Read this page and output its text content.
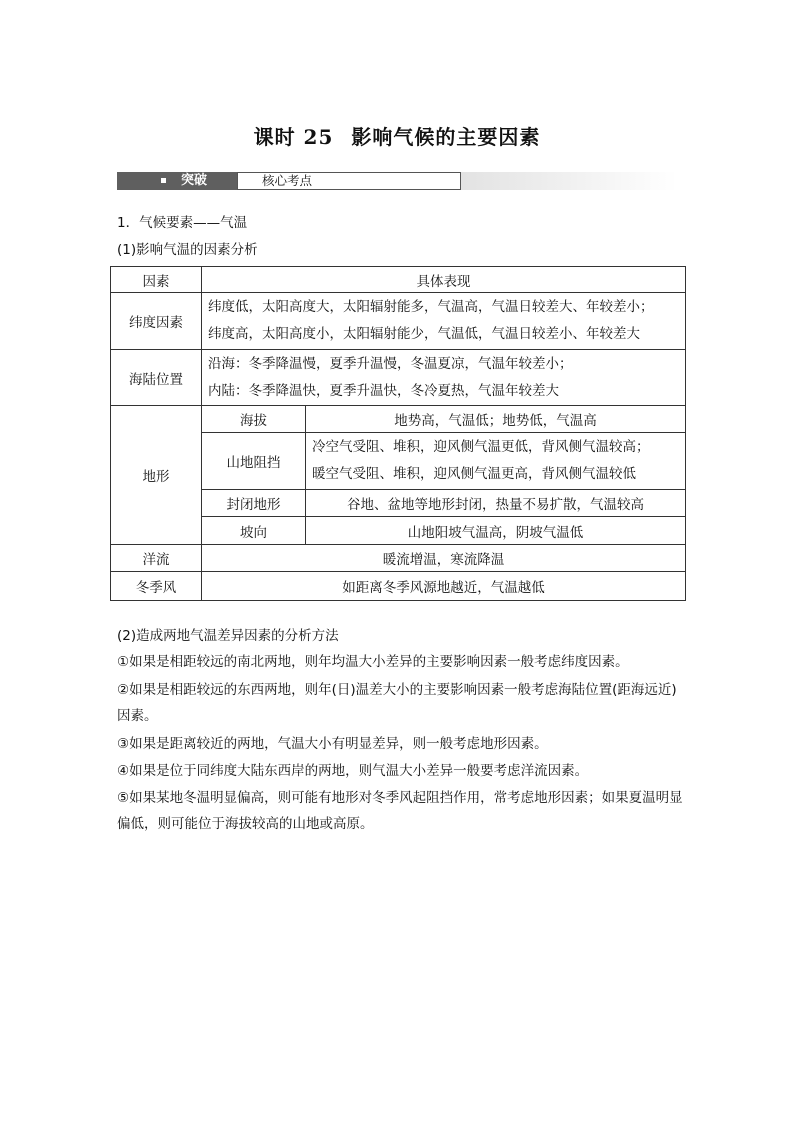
课时 25 影响气候的主要因素
突破	核心考点
1．气候要素——气温
(1)影响气温的因素分析
因素	具体表现	
纬度因素	纬度低，太阳高度大，太阳辐射能多，气温高，气温日较差大、年较差小；
纬度高，太阳高度小，太阳辐射能少，气温低，气温日较差小、年较差大	

海陆位置	沿海：冬季降温慢，夏季升温慢，冬温夏凉，气温年较差小；
内陆：冬季降温快，夏季升温快，冬冷夏热，气温年较差大	

地形	海拔	地势高，气温低；地势低，气温高
	山地阻挡	冷空气受阻、堆积，迎风侧气温更低，背风侧气温较高；
暖空气受阻、堆积，迎风侧气温更高，背风侧气温较低

	封闭地形	谷地、盆地等地形封闭，热量不易扩散，气温较高
	坡向	山地阳坡气温高，阴坡气温低
洋流	暖流增温，寒流降温	
冬季风	如距离冬季风源地越近，气温越低	
(2)造成两地气温差异因素的分析方法
①如果是相距较远的南北两地，则年均温大小差异的主要影响因素一般考虑纬度因素。
②如果是相距较远的东西两地，则年(日)温差大小的主要影响因素一般考虑海陆位置(距海远近)因素。
③如果是距离较近的两地，气温大小有明显差异，则一般考虑地形因素。
④如果是位于同纬度大陆东西岸的两地，则气温大小差异一般要考虑洋流因素。
⑤如果某地冬温明显偏高，则可能有地形对冬季风起阻挡作用，常考虑地形因素；如果夏温明显偏低，则可能位于海拔较高的山地或高原。
